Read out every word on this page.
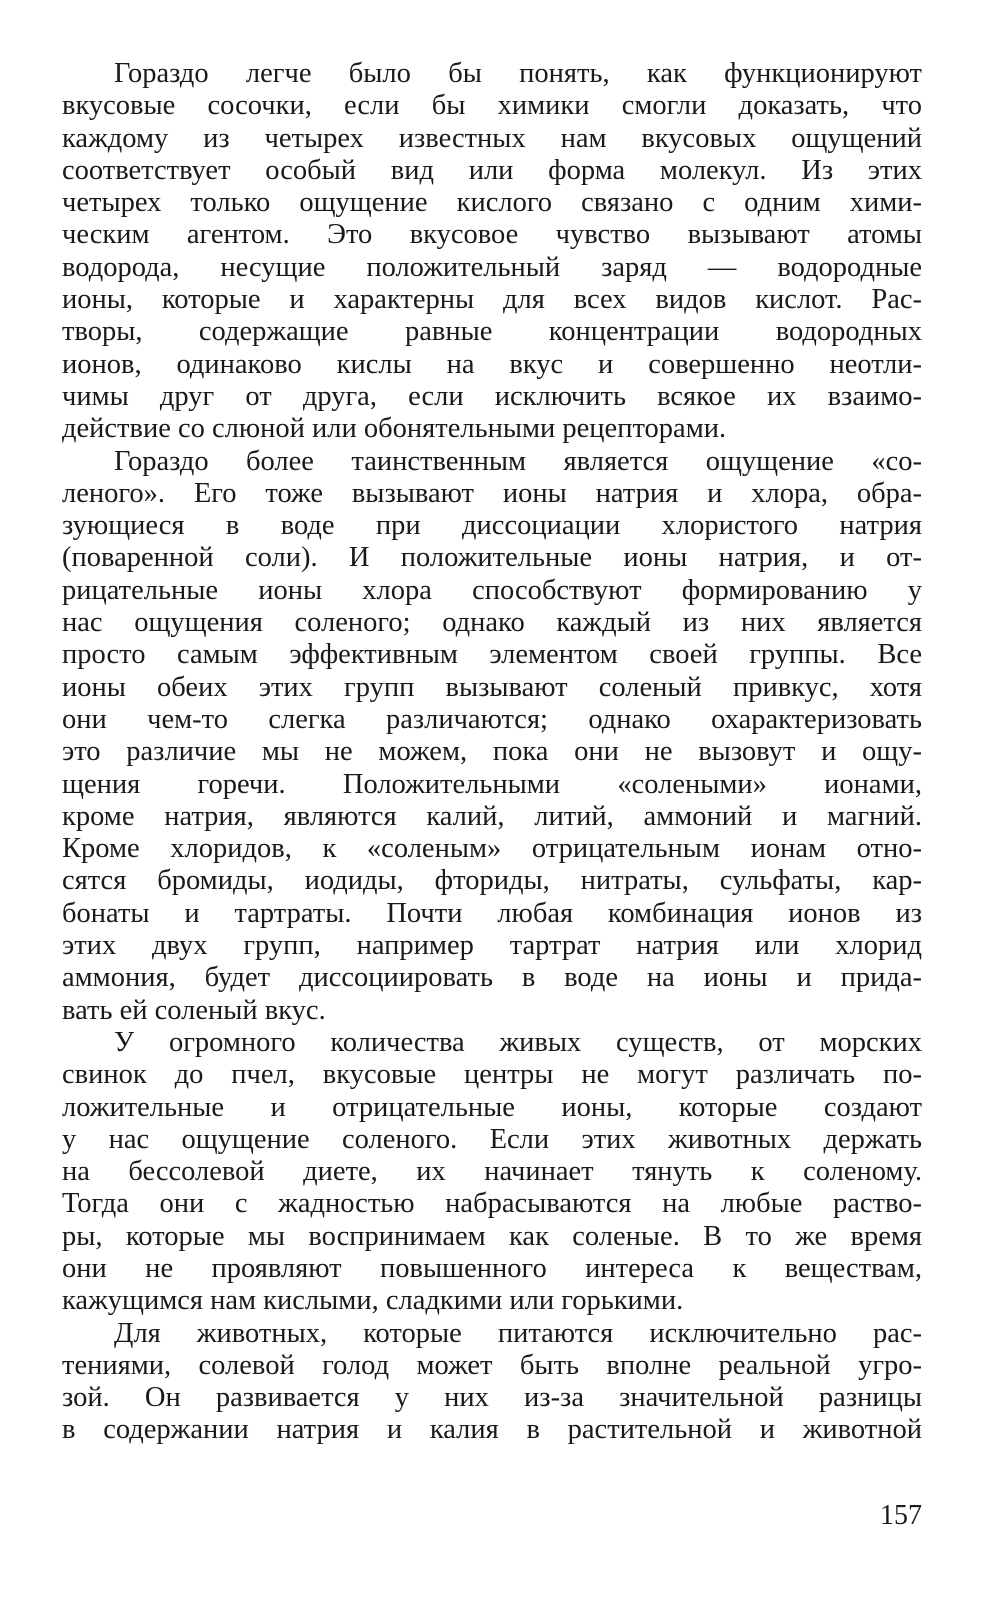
Гораздо легче было бы понять, как функционируют
вкусовые сосочки, если бы химики смогли доказать, что
каждому из четырех известных нам вкусовых ощущений
соответствует особый вид или форма молекул. Из этих
четырех только ощущение кислого связано с одним хими-
ческим агентом. Это вкусовое чувство вызывают атомы
водорода, несущие положительный заряд — водородные
ионы, которые и характерны для всех видов кислот. Рас-
творы, содержащие равные концентрации водородных
ионов, одинаково кислы на вкус и совершенно неотли-
чимы друг от друга, если исключить всякое их взаимо-
действие со слюной или обонятельными рецепторами.
Гораздо более таинственным является ощущение «со-
леного». Его тоже вызывают ионы натрия и хлора, обра-
зующиеся в воде при диссоциации хлористого натрия
(поваренной соли). И положительные ионы натрия, и от-
рицательные ионы хлора способствуют формированию у
нас ощущения соленого; однако каждый из них является
просто самым эффективным элементом своей группы. Все
ионы обеих этих групп вызывают соленый привкус, хотя
они чем-то слегка различаются; однако охарактеризовать
это различие мы не можем, пока они не вызовут и ощу-
щения горечи. Положительными «солеными» ионами,
кроме натрия, являются калий, литий, аммоний и магний.
Кроме хлоридов, к «соленым» отрицательным ионам отно-
сятся бромиды, иодиды, фториды, нитраты, сульфаты, кар-
бонаты и тартраты. Почти любая комбинация ионов из
этих двух групп, например тартрат натрия или хлорид
аммония, будет диссоциировать в воде на ионы и прида-
вать ей соленый вкус.
У огромного количества живых существ, от морских
свинок до пчел, вкусовые центры не могут различать по-
ложительные и отрицательные ионы, которые создают
у нас ощущение соленого. Если этих животных держать
на бессолевой диете, их начинает тянуть к соленому.
Тогда они с жадностью набрасываются на любые раство-
ры, которые мы воспринимаем как соленые. В то же время
они не проявляют повышенного интереса к веществам,
кажущимся нам кислыми, сладкими или горькими.
Для животных, которые питаются исключительно рас-
тениями, солевой голод может быть вполне реальной угро-
зой. Он развивается у них из-за значительной разницы
в содержании натрия и калия в растительной и животной
157
